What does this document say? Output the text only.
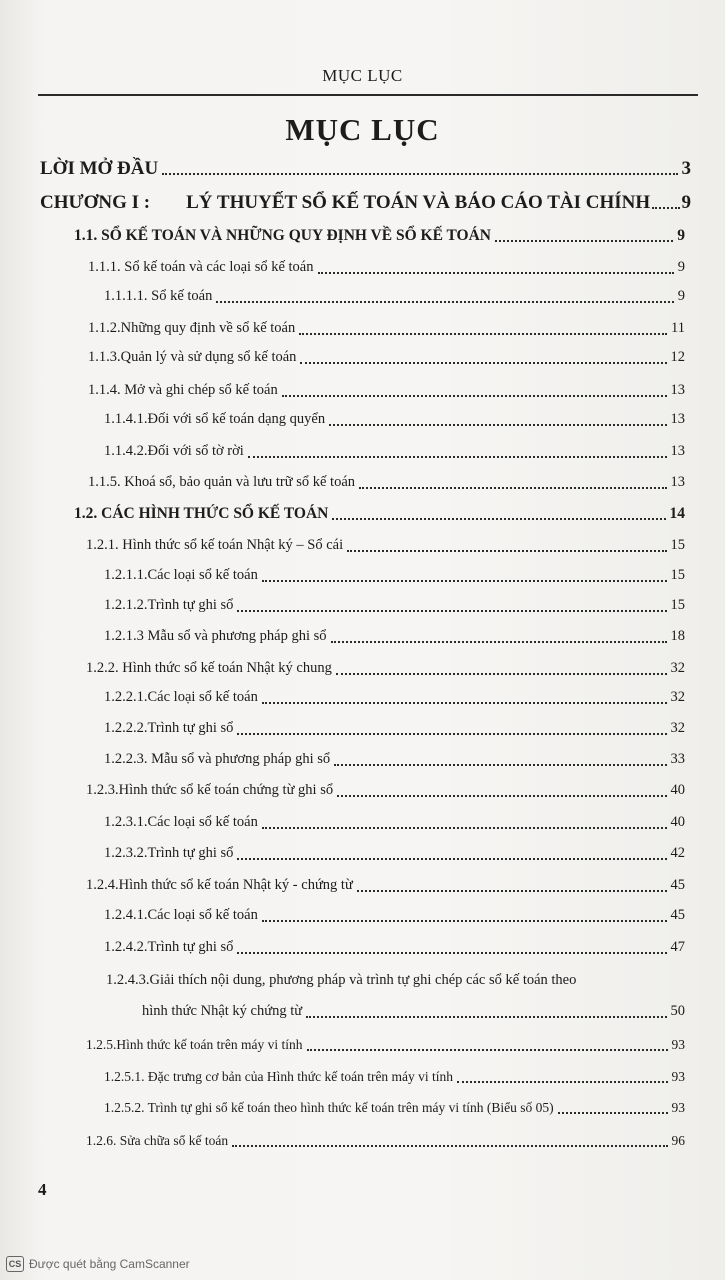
MỤC LỤC
MỤC LỤC
LỜI MỞ ĐẦU	3
CHƯƠNG I : LÝ THUYẾT SỔ KẾ TOÁN VÀ BÁO CÁO TÀI CHÍNH 9
1.1. SỔ KẾ TOÁN VÀ NHỮNG QUY ĐỊNH VỀ SỔ KẾ TOÁN	9
1.1.1. Sổ kế toán và các loại sổ kế toán	9
1.1.1.1. Sổ kế toán	9
1.1.2.Những quy định về sổ kế toán	11
1.1.3.Quản lý và sử dụng sổ kế toán	12
1.1.4. Mở và ghi chép sổ kế toán	13
1.1.4.1.Đối với sổ kế toán dạng quyển	13
1.1.4.2.Đối với sổ tờ rời	13
1.1.5. Khoá sổ, bảo quản và lưu trữ sổ kế toán	13
1.2. CÁC HÌNH THỨC SỔ KẾ TOÁN	14
1.2.1. Hình thức sổ kế toán Nhật ký – Sổ cái	15
1.2.1.1.Các loại sổ kế toán	15
1.2.1.2.Trình tự ghi sổ	15
1.2.1.3 Mẫu sổ và phương pháp ghi sổ	18
1.2.2. Hình thức sổ kế toán Nhật ký chung	32
1.2.2.1.Các loại sổ kế toán	32
1.2.2.2.Trình tự ghi sổ	32
1.2.2.3. Mẫu sổ và phương pháp ghi sổ	33
1.2.3.Hình thức sổ kế toán chứng từ ghi sổ	40
1.2.3.1.Các loại sổ kế toán	40
1.2.3.2.Trình tự ghi sổ	42
1.2.4.Hình thức sổ kế toán Nhật ký - chứng từ	45
1.2.4.1.Các loại sổ kế toán	45
1.2.4.2.Trình tự ghi sổ	47
1.2.4.3.Giải thích nội dung, phương pháp và trình tự ghi chép các sổ kế toán theo
hình thức Nhật ký chứng từ	50
1.2.5.Hình thức kế toán trên máy vi tính	93
1.2.5.1. Đặc trưng cơ bản của Hình thức kế toán trên máy vi tính	93
1.2.5.2. Trình tự ghi sổ kế toán theo hình thức kế toán trên máy vi tính (Biểu số 05)	93
1.2.6. Sửa chữa sổ kế toán	96
4
CS Được quét bằng CamScanner
